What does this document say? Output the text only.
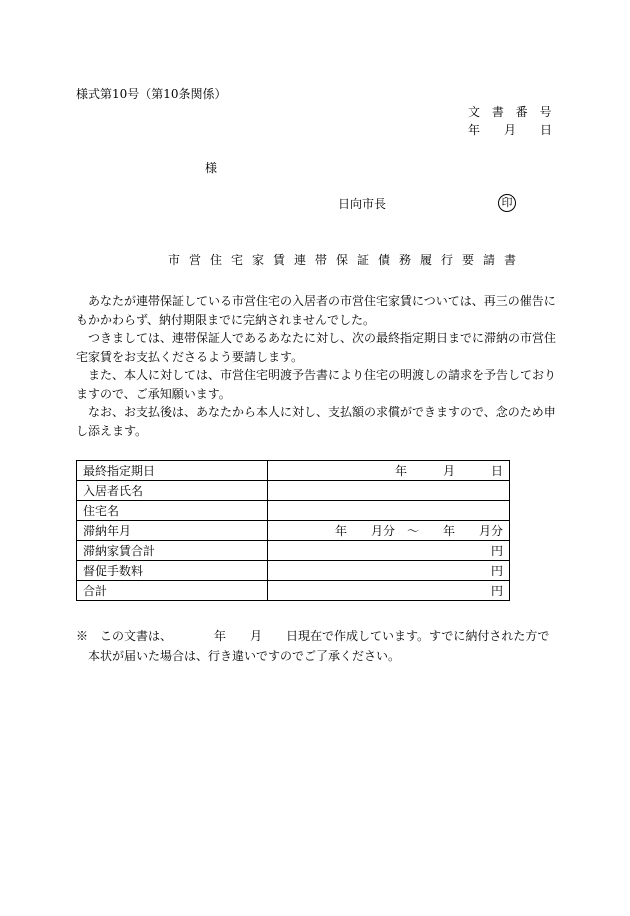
様式第10号（第10条関係）
文 書 番 号
年　　月　　日
様
日向市長	印
市営住宅家賃連帯保証債務履行要請書

　あなたが連帯保証している市営住宅の入居者の市営住宅家賃については、再三の催告にもかかわらず、納付期限までに完納されませんでした。

　つきましては、連帯保証人であるあなたに対し、次の最終指定期日までに滞納の市営住宅家賃をお支払くださるよう要請します。

　また、本人に対しては、市営住宅明渡予告書により住宅の明渡しの請求を予告しておりますので、ご承知願います。

　なお、お支払後は、あなたから本人に対し、支払額の求償ができますので、念のため申し添えます。

最終指定期日	年　　　月　　　日
入居者氏名	
住宅名	
滞納年月	年　　月分　～　　年　　月分
滞納家賃合計	円
督促手数料	円
合計	円

※　この文書は、　　　　年　　月　　日現在で作成しています。すでに納付された方で

　本状が届いた場合は、行き違いですのでご了承ください。
